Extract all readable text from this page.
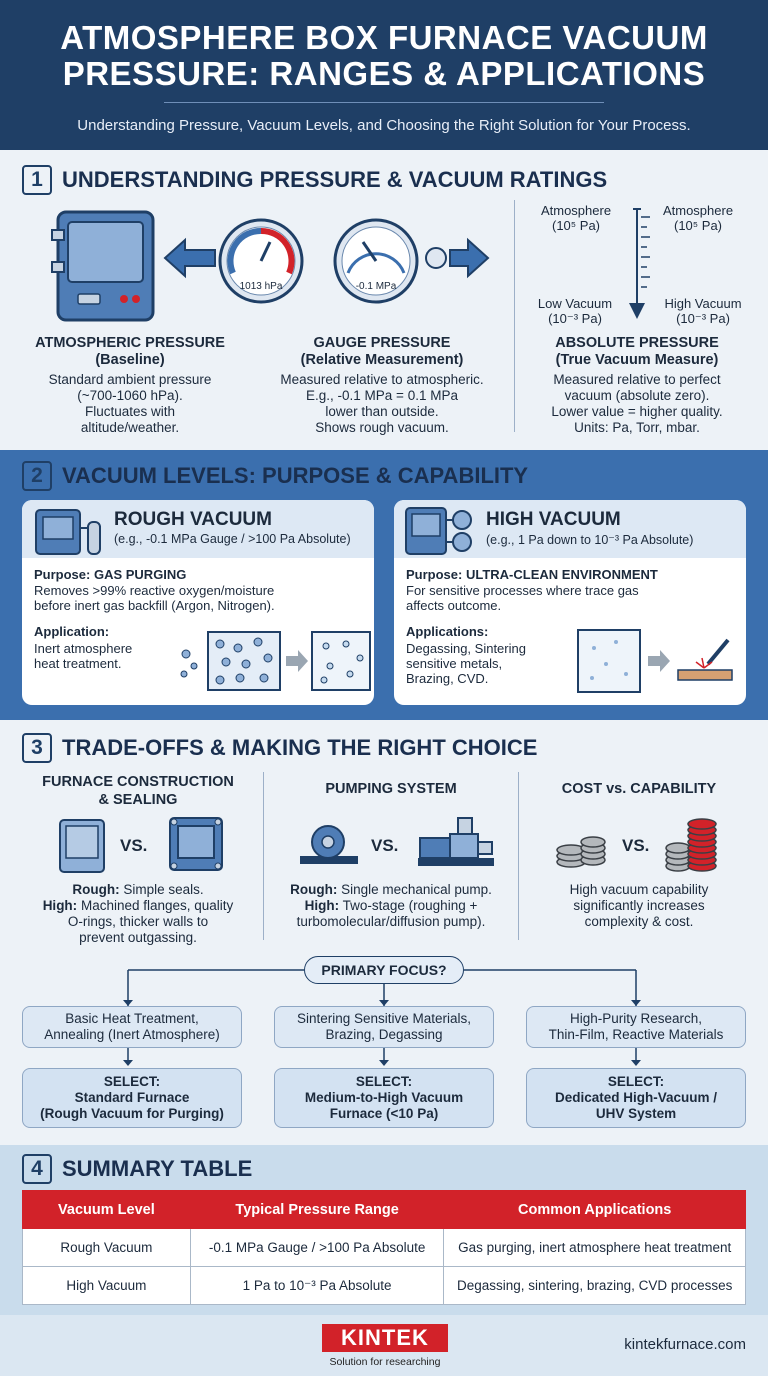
ATMOSPHERE BOX FURNACE VACUUM
PRESSURE: RANGES & APPLICATIONS
Understanding Pressure, Vacuum Levels, and Choosing the Right Solution for Your Process.
1 UNDERSTANDING PRESSURE & VACUUM RATINGS
1013 hPa	-0.1 MPa
Atmosphere
(10⁵ Pa)
Atmosphere
(10⁵ Pa)
Low Vacuum
(10⁻³ Pa)
High Vacuum
(10⁻³ Pa)
ATMOSPHERIC PRESSURE
(Baseline)
Standard ambient pressure
(~700-1060 hPa).
Fluctuates with
altitude/weather.
GAUGE PRESSURE
(Relative Measurement)
Measured relative to atmospheric.
E.g., -0.1 MPa = 0.1 MPa
lower than outside.
Shows rough vacuum.
ABSOLUTE PRESSURE
(True Vacuum Measure)
Measured relative to perfect
vacuum (absolute zero).
Lower value = higher quality.
Units: Pa, Torr, mbar.
2 VACUUM LEVELS: PURPOSE & CAPABILITY
ROUGH VACUUM
(e.g., -0.1 MPa Gauge / >100 Pa Absolute)
Purpose: GAS PURGING
Removes >99% reactive oxygen/moisture
before inert gas backfill (Argon, Nitrogen).
Application:
Inert atmosphere
heat treatment.
HIGH VACUUM
(e.g., 1 Pa down to 10⁻³ Pa Absolute)
Purpose: ULTRA-CLEAN ENVIRONMENT
For sensitive processes where trace gas
affects outcome.
Applications:
Degassing, Sintering
sensitive metals,
Brazing, CVD.
3 TRADE-OFFS & MAKING THE RIGHT CHOICE
FURNACE CONSTRUCTION
& SEALING
PUMPING SYSTEM	COST vs. CAPABILITY
VS.	VS.	VS.
Rough: Simple seals.
High: Machined flanges, quality
O-rings, thicker walls to
prevent outgassing.
Rough: Single mechanical pump.
High: Two-stage (roughing +
turbomolecular/diffusion pump).
High vacuum capability
significantly increases
complexity & cost.
PRIMARY FOCUS?
Basic Heat Treatment,
Annealing (Inert Atmosphere)
Sintering Sensitive Materials,
Brazing, Degassing
High-Purity Research,
Thin-Film, Reactive Materials
SELECT:
Standard Furnace
(Rough Vacuum for Purging)
SELECT:
Medium-to-High Vacuum
Furnace (<10 Pa)
SELECT:
Dedicated High-Vacuum /
UHV System
4 SUMMARY TABLE
Vacuum Level	Typical Pressure Range	Common Applications
Rough Vacuum	-0.1 MPa Gauge / >100 Pa Absolute	Gas purging, inert atmosphere heat treatment
High Vacuum	1 Pa to 10⁻³ Pa Absolute	Degassing, sintering, brazing, CVD processes
KINTEK
Solution for researching
kintekfurnace.com
